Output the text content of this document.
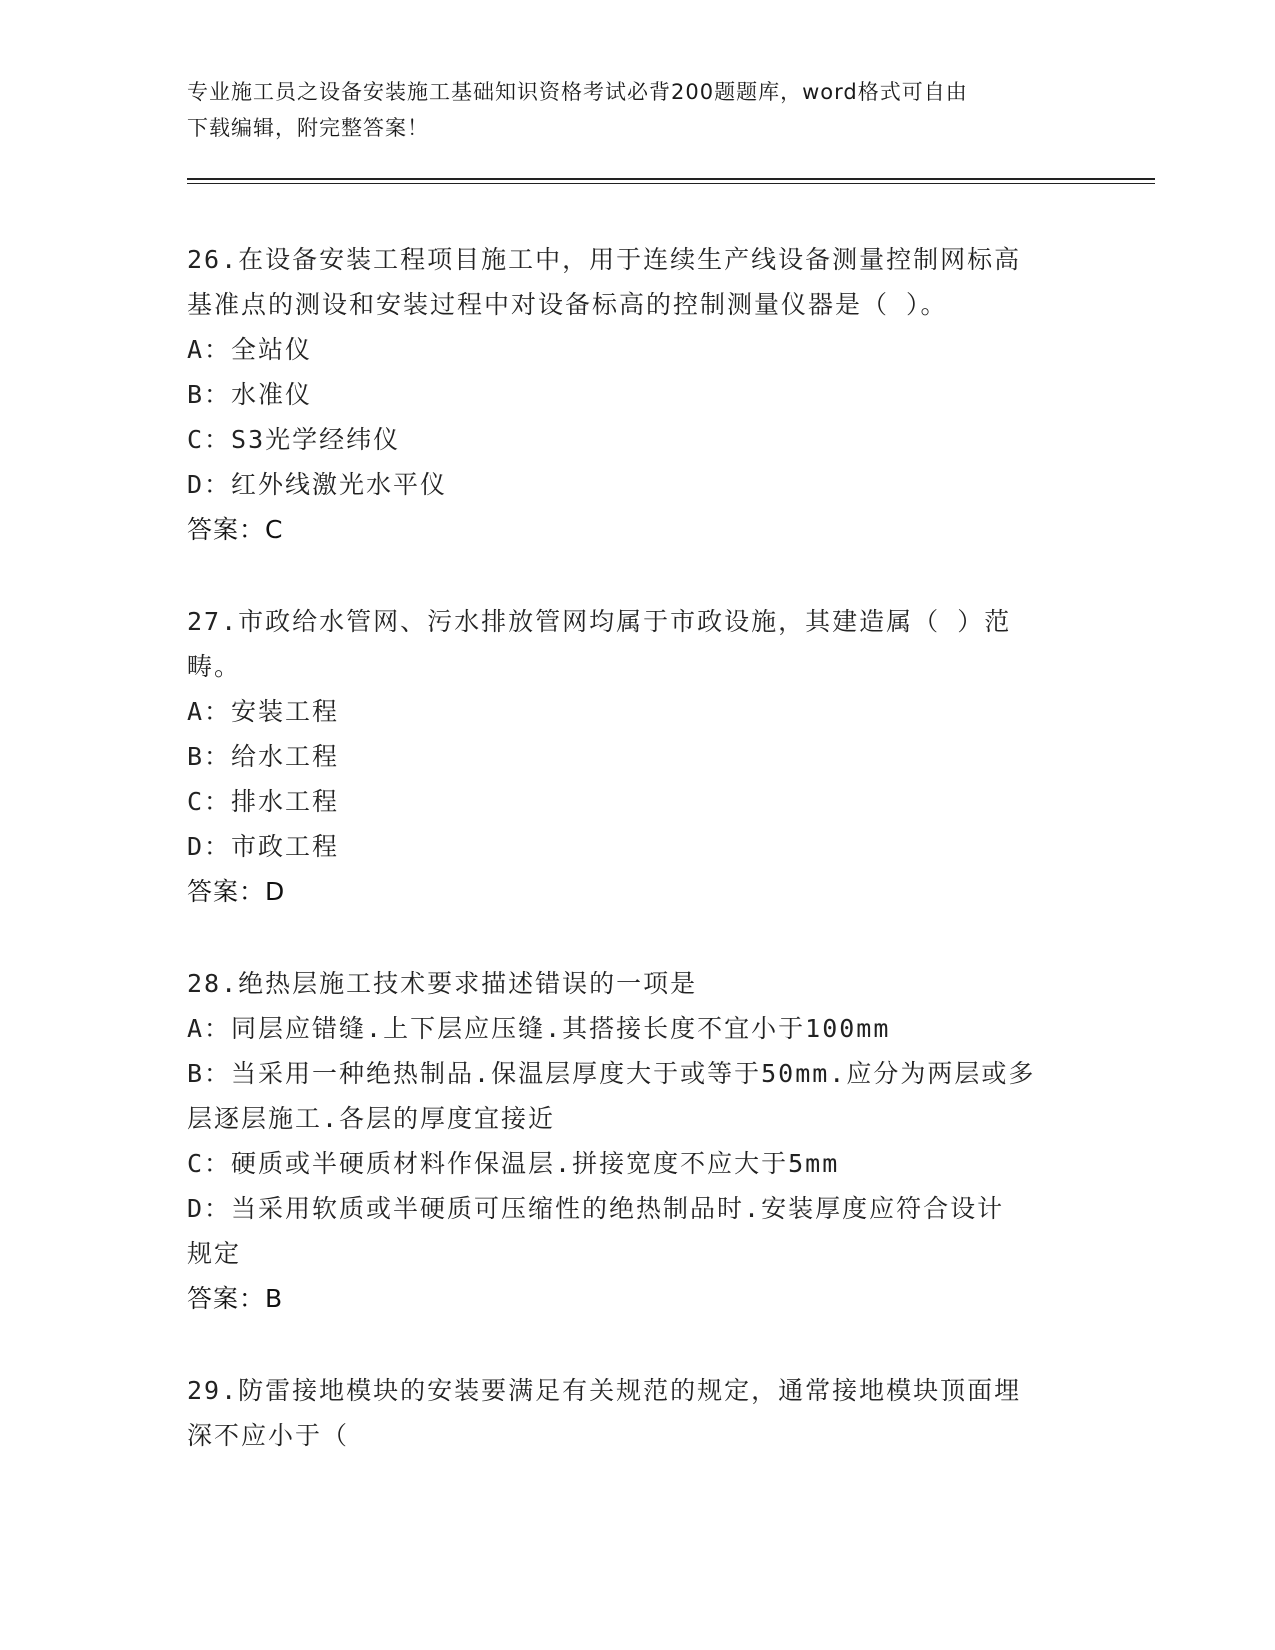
专业施工员之设备安装施工基础知识资格考试必背200题题库，word格式可自由
下载编辑，附完整答案！
26.在设备安装工程项目施工中，用于连续生产线设备测量控制网标高
基准点的测设和安装过程中对设备标高的控制测量仪器是（ ）。
A：全站仪
B：水准仪
C：S3光学经纬仪
D：红外线激光水平仪
答案：C
27.市政给水管网、污水排放管网均属于市政设施，其建造属（ ）范
畴。
A：安装工程
B：给水工程
C：排水工程
D：市政工程
答案：D
28.绝热层施工技术要求描述错误的一项是
A：同层应错缝.上下层应压缝.其搭接长度不宜小于100mm
B：当采用一种绝热制品.保温层厚度大于或等于50mm.应分为两层或多
层逐层施工.各层的厚度宜接近
C：硬质或半硬质材料作保温层.拼接宽度不应大于5mm
D：当采用软质或半硬质可压缩性的绝热制品时.安装厚度应符合设计
规定
答案：B
29.防雷接地模块的安装要满足有关规范的规定，通常接地模块顶面埋
深不应小于（
